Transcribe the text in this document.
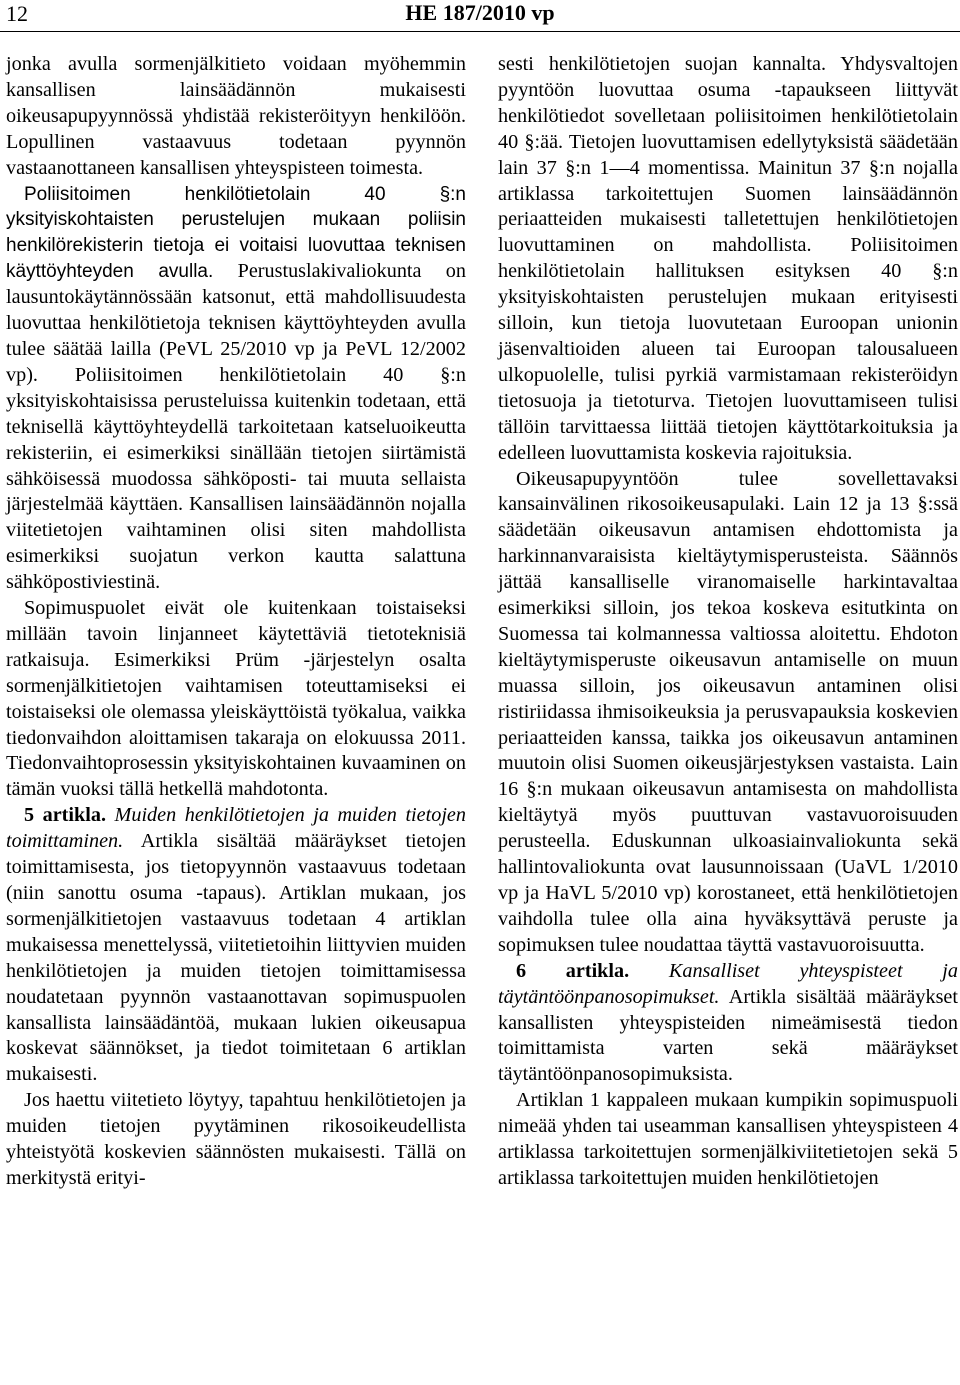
12	HE 187/2010 vp

jonka avulla sormenjälkitieto voidaan myöhemmin kansallisen lainsäädännön mukaisesti oikeusapupyynnössä yhdistää rekisteröityyn henkilöön. Lopullinen vastaavuus todetaan pyynnön vastaanottaneen kansallisen yhteyspisteen toimesta.

Poliisitoimen henkilötietolain 40 §:n yksityiskohtaisten perustelujen mukaan poliisin henkilörekisterin tietoja ei voitaisi luovuttaa teknisen käyttöyhteyden avulla. Perustuslakivaliokunta on lausuntokäytännössään katsonut, että mahdollisuudesta luovuttaa henkilötietoja teknisen käyttöyhteyden avulla tulee säätää lailla (PeVL 25/2010 vp ja PeVL 12/2002 vp). Poliisitoimen henkilötietolain 40 §:n yksityiskohtaisissa perusteluissa kuitenkin todetaan, että teknisellä käyttöyhteydellä tarkoitetaan katseluoikeutta rekisteriin, ei esimerkiksi sinällään tietojen siirtämistä sähköisessä muodossa sähköposti- tai muuta sellaista järjestelmää käyttäen. Kansallisen lainsäädännön nojalla viitetietojen vaihtaminen olisi siten mahdollista esimerkiksi suojatun verkon kautta salattuna sähköpostiviestinä.

Sopimuspuolet eivät ole kuitenkaan toistaiseksi millään tavoin linjanneet käytettäviä tietoteknisiä ratkaisuja. Esimerkiksi Prüm -järjestelyn osalta sormenjälkitietojen vaihtamisen toteuttamiseksi ei toistaiseksi ole olemassa yleiskäyttöistä työkalua, vaikka tiedonvaihdon aloittamisen takaraja on elokuussa 2011. Tiedonvaihtoprosessin yksityiskohtainen kuvaaminen on tämän vuoksi tällä hetkellä mahdotonta.

5 artikla. Muiden henkilötietojen ja muiden tietojen toimittaminen. Artikla sisältää määräykset tietojen toimittamisesta, jos tietopyynnön vastaavuus todetaan (niin sanottu osuma -tapaus). Artiklan mukaan, jos sormenjälkitietojen vastaavuus todetaan 4 artiklan mukaisessa menettelyssä, viitetietoihin liittyvien muiden henkilötietojen ja muiden tietojen toimittamisessa noudatetaan pyynnön vastaanottavan sopimuspuolen kansallista lainsäädäntöä, mukaan lukien oikeusapua koskevat säännökset, ja tiedot toimitetaan 6 artiklan mukaisesti.

Jos haettu viitetieto löytyy, tapahtuu henkilötietojen ja muiden tietojen pyytäminen rikosoikeudellista yhteistyötä koskevien säännösten mukaisesti. Tällä on merkitystä erityi-

sesti henkilötietojen suojan kannalta. Yhdysvaltojen pyyntöön luovuttaa osuma -tapaukseen liittyvät henkilötiedot sovelletaan poliisitoimen henkilötietolain 40 §:ää. Tietojen luovuttamisen edellytyksistä säädetään lain 37 §:n 1—4 momentissa. Mainitun 37 §:n nojalla artiklassa tarkoitettujen Suomen lainsäädännön periaatteiden mukaisesti talletettujen henkilötietojen luovuttaminen on mahdollista. Poliisitoimen henkilötietolain hallituksen esityksen 40 §:n yksityiskohtaisten perustelujen mukaan erityisesti silloin, kun tietoja luovutetaan Euroopan unionin jäsenvaltioiden alueen tai Euroopan talousalueen ulkopuolelle, tulisi pyrkiä varmistamaan rekisteröidyn tietosuoja ja tietoturva. Tietojen luovuttamiseen tulisi tällöin tarvittaessa liittää tietojen käyttötarkoituksia ja edelleen luovuttamista koskevia rajoituksia.

Oikeusapupyyntöön tulee sovellettavaksi kansainvälinen rikosoikeusapulaki. Lain 12 ja 13 §:ssä säädetään oikeusavun antamisen ehdottomista ja harkinnanvaraisista kieltäytymisperusteista. Säännös jättää kansalliselle viranomaiselle harkintavaltaa esimerkiksi silloin, jos tekoa koskeva esitutkinta on Suomessa tai kolmannessa valtiossa aloitettu. Ehdoton kieltäytymisperuste oikeusavun antamiselle on muun muassa silloin, jos oikeusavun antaminen olisi ristiriidassa ihmisoikeuksia ja perusvapauksia koskevien periaatteiden kanssa, taikka jos oikeusavun antaminen muutoin olisi Suomen oikeusjärjestyksen vastaista. Lain 16 §:n mukaan oikeusavun antamisesta on mahdollista kieltäytyä myös puuttuvan vastavuoroisuuden perusteella. Eduskunnan ulkoasiainvaliokunta sekä hallintovaliokunta ovat lausunnoissaan (UaVL 1/2010 vp ja HaVL 5/2010 vp) korostaneet, että henkilötietojen vaihdolla tulee olla aina hyväksyttävä peruste ja sopimuksen tulee noudattaa täyttä vastavuoroisuutta.

6 artikla. Kansalliset yhteyspisteet ja täytäntöönpanosopimukset. Artikla sisältää määräykset kansallisten yhteyspisteiden nimeämisestä tiedon toimittamista varten sekä määräykset täytäntöönpanosopimuksista.

Artiklan 1 kappaleen mukaan kumpikin sopimuspuoli nimeää yhden tai useamman kansallisen yhteyspisteen 4 artiklassa tarkoitettujen sormenjälkiviitetietojen sekä 5 artiklassa tarkoitettujen muiden henkilötietojen
